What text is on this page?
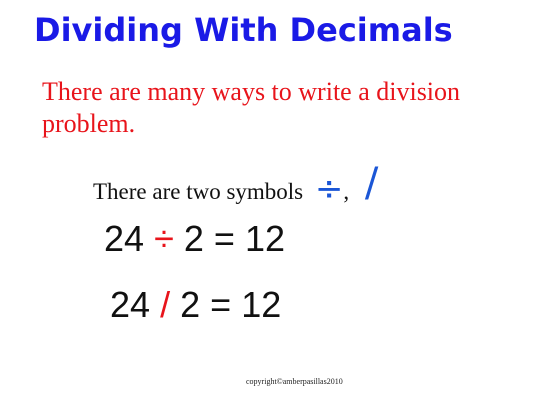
Dividing With Decimals

There are many ways to write a division problem.

There are two symbols ÷, /
24 ÷ 2 = 12
24 / 2 = 12
copyright©amberpasillas2010
